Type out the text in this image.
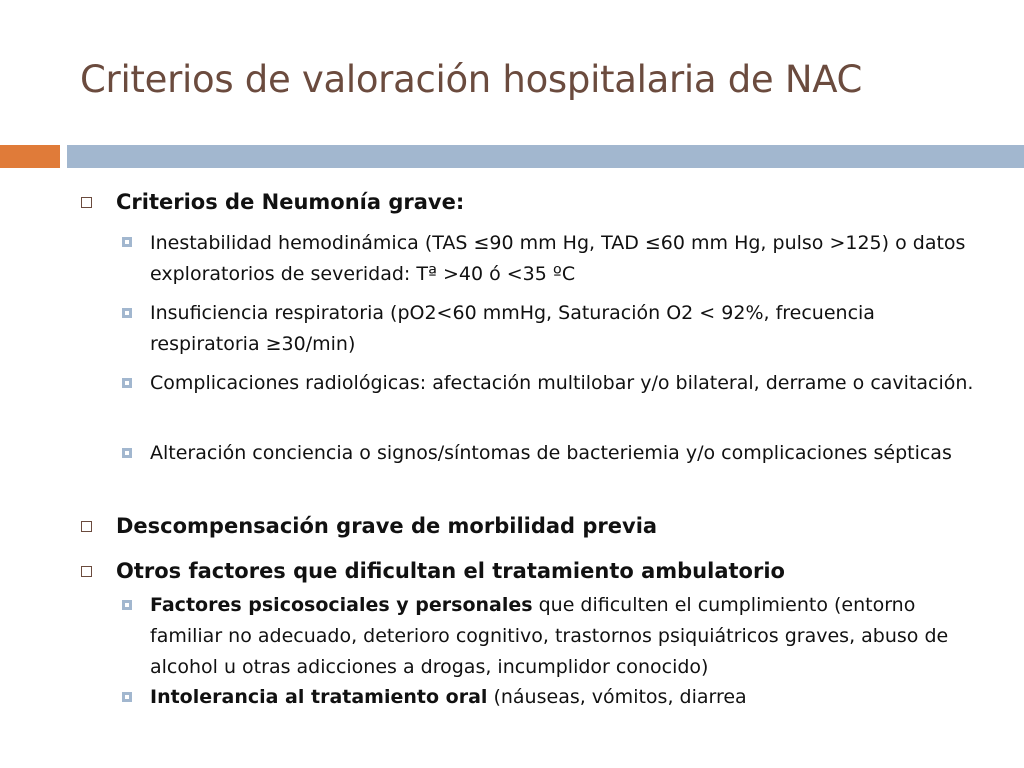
Criterios de valoración hospitalaria de NAC
Criterios de Neumonía grave:
Inestabilidad hemodinámica (TAS ≤90 mm Hg, TAD ≤60 mm Hg, pulso >125) o datos exploratorios de severidad: Tª >40 ó <35 ºC
Insuficiencia respiratoria (pO2<60 mmHg, Saturación O2 < 92%, frecuencia respiratoria ≥30/min)
Complicaciones radiológicas: afectación multilobar y/o bilateral, derrame o cavitación.
Alteración conciencia o signos/síntomas de bacteriemia y/o complicaciones sépticas
Descompensación grave de morbilidad previa
Otros factores que dificultan el tratamiento ambulatorio
Factores psicosociales y personales que dificulten el cumplimiento (entorno familiar no adecuado, deterioro cognitivo, trastornos psiquiátricos graves, abuso de alcohol u otras adicciones a drogas, incumplidor conocido)
Intolerancia al tratamiento oral (náuseas, vómitos, diarrea
